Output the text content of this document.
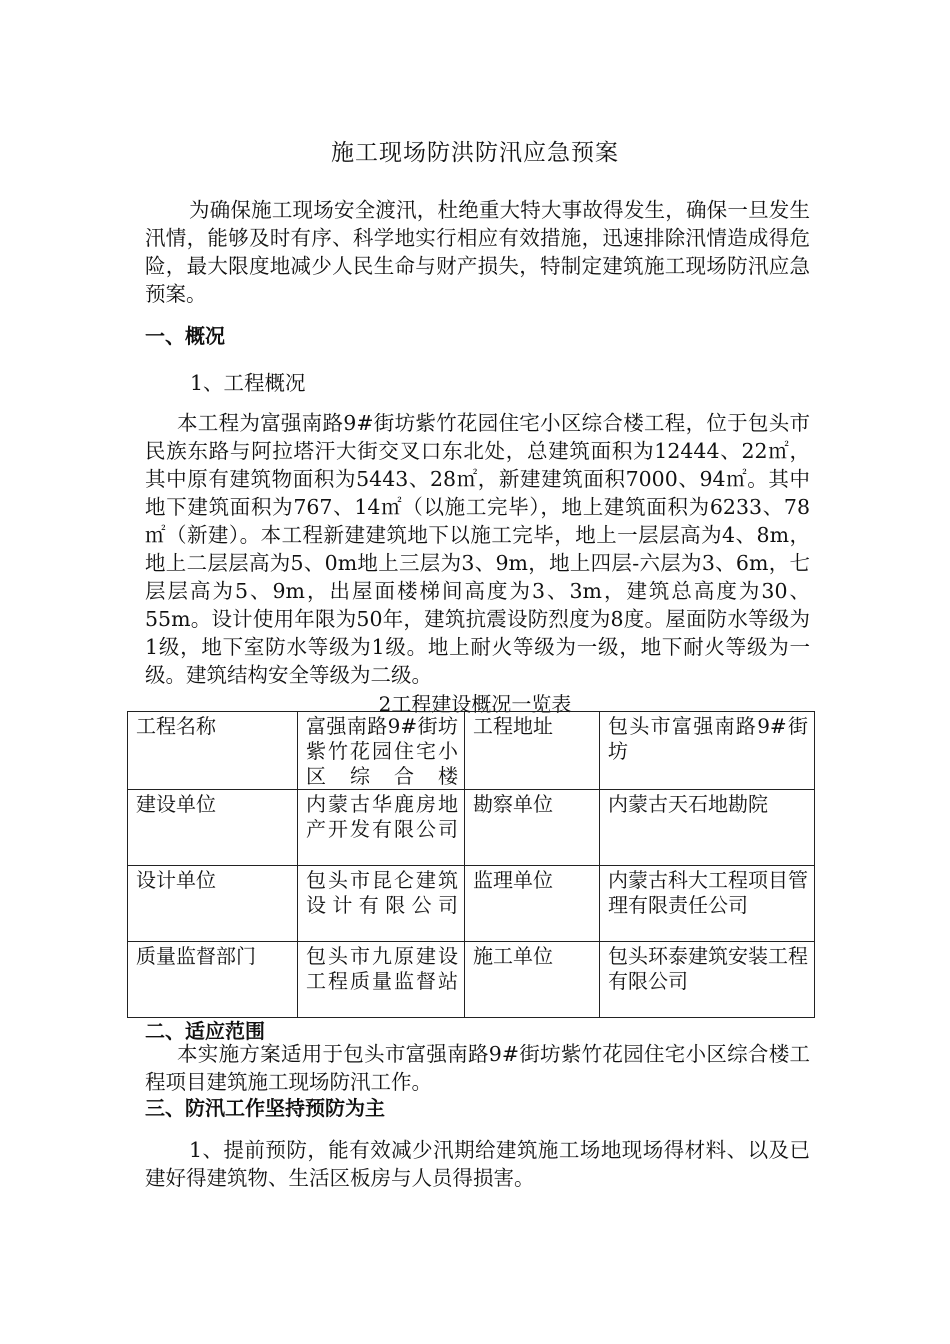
施工现场防洪防汛应急预案

为确保施工现场安全渡汛，杜绝重大特大事故得发生，确保一旦发生汛情，能够及时有序、科学地实行相应有效措施，迅速排除汛情造成得危险，最大限度地减少人民生命与财产损失，特制定建筑施工现场防汛应急预案。

一、概况

1、工程概况

本工程为富强南路9#街坊紫竹花园住宅小区综合楼工程，位于包头市民族东路与阿拉塔汗大街交叉口东北处，总建筑面积为12444、22㎡，其中原有建筑物面积为5443、28㎡，新建建筑面积7000、94㎡。其中地下建筑面积为767、14㎡（以施工完毕），地上建筑面积为6233、78㎡（新建）。本工程新建建筑地下以施工完毕，地上一层层高为4、8m，地上二层层高为5、0m地上三层为3、9m，地上四层-六层为3、6m，七层层高为5、9m，出屋面楼梯间高度为3、3m，建筑总高度为30、55m。设计使用年限为50年，建筑抗震设防烈度为8度。屋面防水等级为1级，地下室防水等级为1级。地上耐火等级为一级，地下耐火等级为一级。建筑结构安全等级为二级。

2工程建设概况一览表
工程名称	富强南路9#街坊紫竹花园住宅小区综合楼	工程地址	包头市富强南路9#街坊
建设单位	内蒙古华鹿房地产开发有限公司	勘察单位	内蒙古天石地勘院
设计单位	包头市昆仑建筑设计有限公司	监理单位	内蒙古科大工程项目管理有限责任公司
质量监督部门	包头市九原建设工程质量监督站	施工单位	包头环泰建筑安装工程有限公司
二、适应范围

本实施方案适用于包头市富强南路9#街坊紫竹花园住宅小区综合楼工程项目建筑施工现场防汛工作。

三、防汛工作坚持预防为主

1、提前预防，能有效减少汛期给建筑施工场地现场得材料、以及已建好得建筑物、生活区板房与人员得损害。
